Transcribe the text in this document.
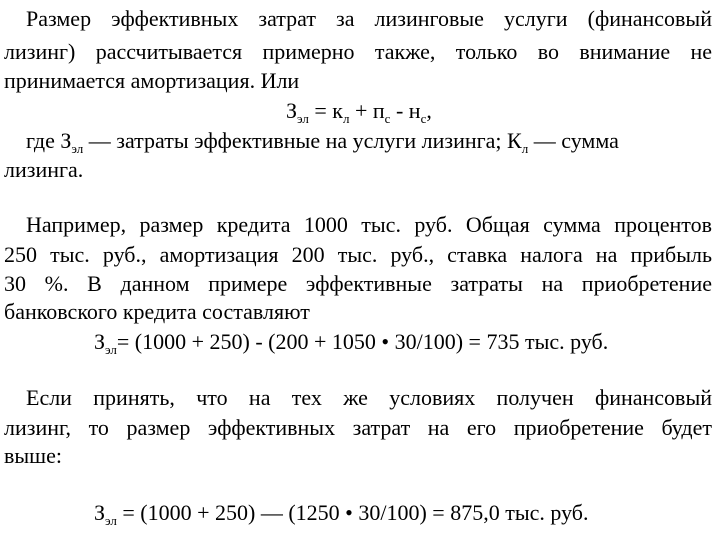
Размер эффективных затрат за лизинговые услуги (финансовый
лизинг) рассчитывается примерно также, только во внимание не
принимается амортизация. Или
$З_{эл} = к_л + п_с - н_с$,
где $З_{эл}$ — затраты эффективные на услуги лизинга; $К_л$ — сумма
лизинга.
Например, размер кредита 1000 тыс. руб. Общая сумма процентов
250 тыс. руб., амортизация 200 тыс. руб., ставка налога на прибыль
30 %. В данном примере эффективные затраты на приобретение
банковского кредита составляют
$З_{эл}= (1000 + 250) - (200 + 1050$ • 30/100) = 735 тыс. руб.
Если принять, что на тех же условиях получен финансовый
лизинг, то размер эффективных затрат на его приобретение будет
выше:
$З_{эл} = (1000 + 250)$ — (1250 • 30/100) = 875,0 тыс. руб.
